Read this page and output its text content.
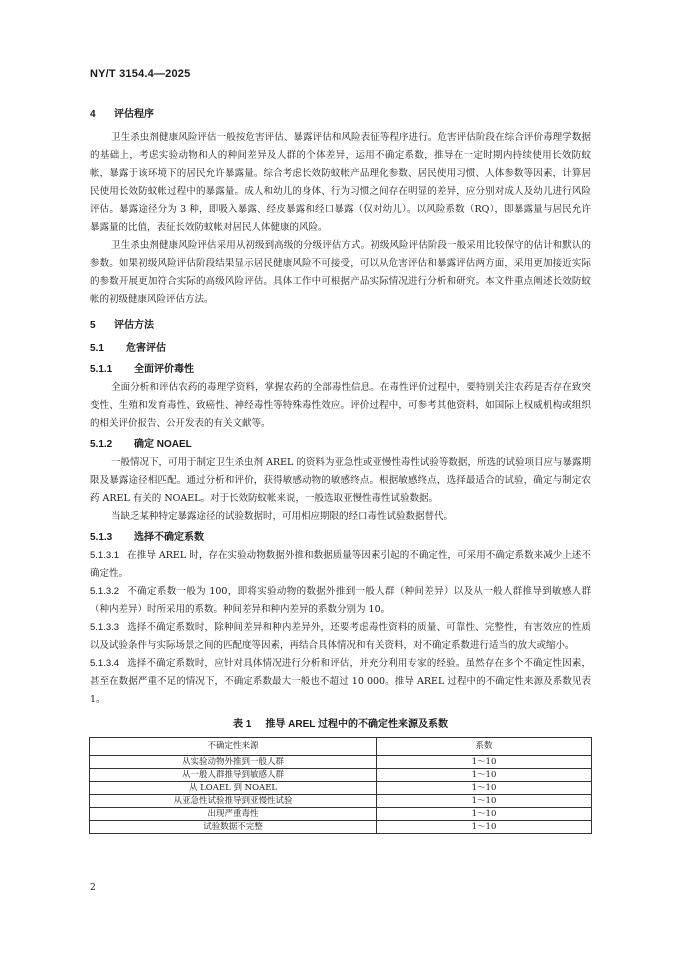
NY/T 3154.4—2025
4 评估程序

卫生杀虫剂健康风险评估一般按危害评估、暴露评估和风险表征等程序进行。危害评估阶段在综合评价毒理学数据的基础上，考虑实验动物和人的种间差异及人群的个体差异，运用不确定系数，推导在一定时期内持续使用长效防蚊帐，暴露于该环境下的居民允许暴露量。综合考虑长效防蚊帐产品理化参数、居民使用习惯、人体参数等因素，计算居民使用长效防蚊帐过程中的暴露量。成人和幼儿的身体、行为习惯之间存在明显的差异，应分别对成人及幼儿进行风险评估。暴露途径分为 3 种，即吸入暴露、经皮暴露和经口暴露（仅对幼儿）。以风险系数（RQ），即暴露量与居民允许暴露量的比值，表征长效防蚊帐对居民人体健康的风险。

卫生杀虫剂健康风险评估采用从初级到高级的分级评估方式。初级风险评估阶段一般采用比较保守的估计和默认的参数。如果初级风险评估阶段结果显示居民健康风险不可接受，可以从危害评估和暴露评估两方面，采用更加接近实际的参数开展更加符合实际的高级风险评估。具体工作中可根据产品实际情况进行分析和研究。本文件重点阐述长效防蚊帐的初级健康风险评估方法。

5 评估方法
5.1 危害评估
5.1.1 全面评价毒性

全面分析和评估农药的毒理学资料，掌握农药的全部毒性信息。在毒性评价过程中，要特别关注农药是否存在致突变性、生殖和发育毒性、致癌性、神经毒性等特殊毒性效应。评价过程中，可参考其他资料，如国际上权威机构或组织的相关评价报告、公开发表的有关文献等。

5.1.2 确定 NOAEL

一般情况下，可用于制定卫生杀虫剂 AREL 的资料为亚急性或亚慢性毒性试验等数据，所选的试验项目应与暴露期限及暴露途径相匹配。通过分析和评价，获得敏感动物的敏感终点。根据敏感终点，选择最适合的试验，确定与制定农药 AREL 有关的 NOAEL。对于长效防蚊帐来说，一般选取亚慢性毒性试验数据。

当缺乏某种特定暴露途径的试验数据时，可用相应期限的经口毒性试验数据替代。

5.1.3 选择不确定系数

5.1.3.1 在推导 AREL 时，存在实验动物数据外推和数据质量等因素引起的不确定性，可采用不确定系数来减少上述不确定性。

5.1.3.2 不确定系数一般为 100，即将实验动物的数据外推到一般人群（种间差异）以及从一般人群推导到敏感人群（种内差异）时所采用的系数。种间差异和种内差异的系数分别为 10。

5.1.3.3 选择不确定系数时，除种间差异和种内差异外，还要考虑毒性资料的质量、可靠性、完整性，有害效应的性质以及试验条件与实际场景之间的匹配度等因素，再结合具体情况和有关资料，对不确定系数进行适当的放大或缩小。

5.1.3.4 选择不确定系数时，应针对具体情况进行分析和评估，并充分利用专家的经验。虽然存在多个不确定性因素，甚至在数据严重不足的情况下，不确定系数最大一般也不超过 10 000。推导 AREL 过程中的不确定性来源及系数见表 1。

表 1 推导 AREL 过程中的不确定性来源及系数
不确定性来源	系数
从实验动物外推到一般人群	1～10
从一般人群推导到敏感人群	1～10
从 LOAEL 到 NOAEL	1～10
从亚急性试验推导到亚慢性试验	1～10
出现严重毒性	1～10
试验数据不完整	1～10
2
